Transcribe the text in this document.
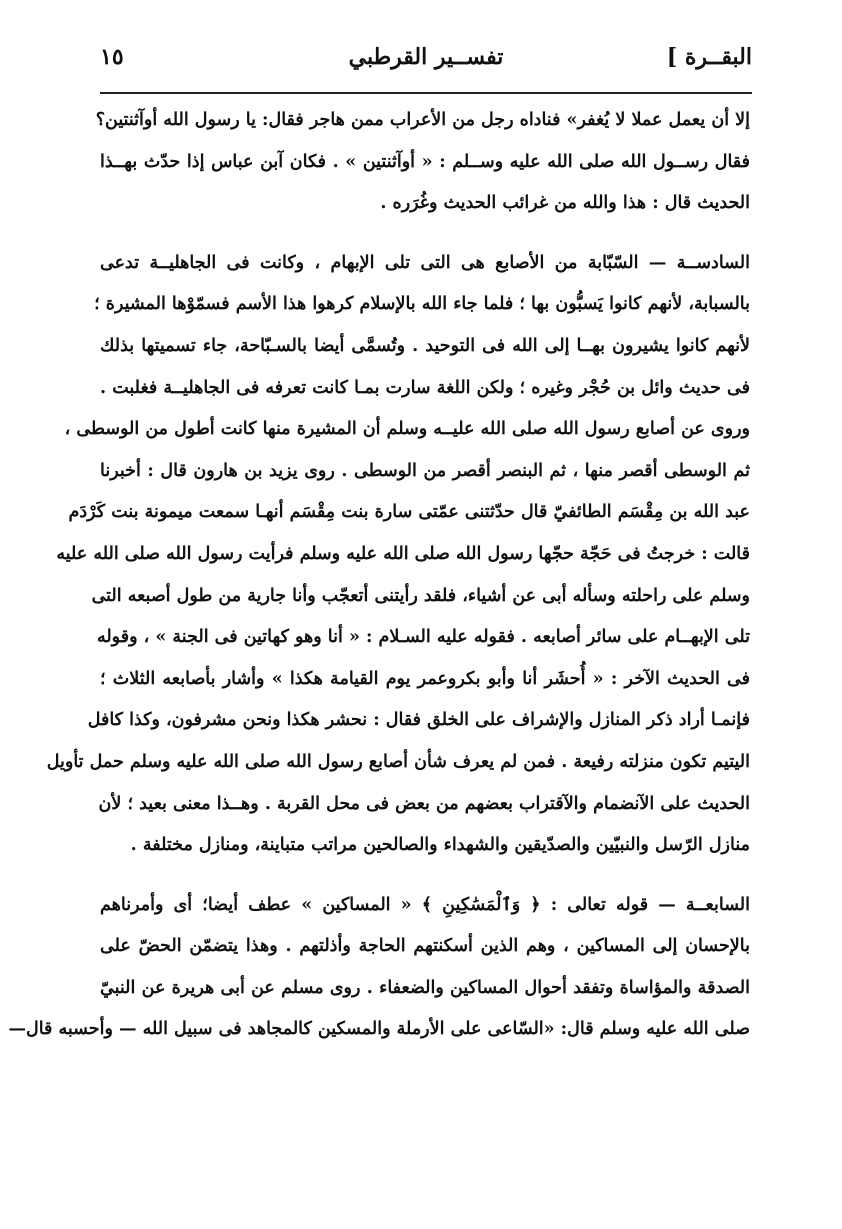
البقــرة ]
تفســير القرطبي
١٥
إلا أن يعمل عملا لا يُغفر» فناداه رجل من الأعراب ممن هاجر فقال: يا رسول الله أوآثنتين؟
فقال رســول الله صلى الله عليه وســلم : « أوآثنتين » . فكان آبن عباس إذا حدّث بهــذا
الحديث قال : هذا والله من غرائب الحديث وغُرَره .
السادســة — السّبّابة من الأصابع هى التى تلى الإبهام ، وكانت فى الجاهليــة تدعى
بالسبابة، لأنهم كانوا يَسبُّون بها ؛ فلما جاء الله بالإسلام كرهوا هذا الأسم فسمّوْها المشيرة ؛
لأنهم كانوا يشيرون بهــا إلى الله فى التوحيد . وتُسمَّى أيضا بالسـبّاحة، جاء تسميتها بذلك
فى حديث وائل بن حُجْر وغيره ؛ ولكن اللغة سارت بمـا كانت تعرفه فى الجاهليــة فغلبت .
وروى عن أصابع رسول الله صلى الله عليــه وسلم أن المشيرة منها كانت أطول من الوسطى ،
ثم الوسطى أقصر منها ، ثم البنصر أقصر من الوسطى . روى يزيد بن هارون قال : أخبرنا
عبد الله بن مِقْسَم الطائفيّ قال حدّثتنى عمّتى سارة بنت مِقْسَم أنهـا سمعت ميمونة بنت كَرْدَم
قالت : خرجتُ فى حَجّة حجّها رسول الله صلى الله عليه وسلم فرأيت رسول الله صلى الله عليه
وسلم على راحلته وسأله أبى عن أشياء، فلقد رأيتنى أتعجّب وأنا جارية من طول أصبعه التى
تلى الإبهــام على سائر أصابعه . فقوله عليه السـلام : « أنا وهو كهاتين فى الجنة » ، وقوله
فى الحديث الآخر : « أُحشَر أنا وأبو بكروعمر يوم القيامة هكذا » وأشار بأصابعه الثلاث ؛
فإنمـا أراد ذكر المنازل والإشراف على الخلق فقال : نحشر هكذا ونحن مشرفون، وكذا كافل
اليتيم تكون منزلته رفيعة . فمن لم يعرف شأن أصابع رسول الله صلى الله عليه وسلم حمل تأويل
الحديث على الآنضمام والآقتراب بعضهم من بعض فى محل القربة . وهــذا معنى بعيد ؛ لأن
منازل الرّسل والنبيّين والصدّيقين والشهداء والصالحين مراتب متباينة، ومنازل مختلفة .
السابعــة — قوله تعالى : ﴿ وَٱلْمَسَٰكِينِ ﴾ « المساكين » عطف أيضا؛ أى وأمرناهم
بالإحسان إلى المساكين ، وهم الذين أسكنتهم الحاجة وأذلتهم . وهذا يتضمّن الحضّ على
الصدقة والمؤاساة وتفقد أحوال المساكين والضعفاء . روى مسلم عن أبى هريرة عن النبيّ
صلى الله عليه وسلم قال: «السّاعى على الأرملة والمسكين كالمجاهد فى سبيل الله — وأحسبه قال—
